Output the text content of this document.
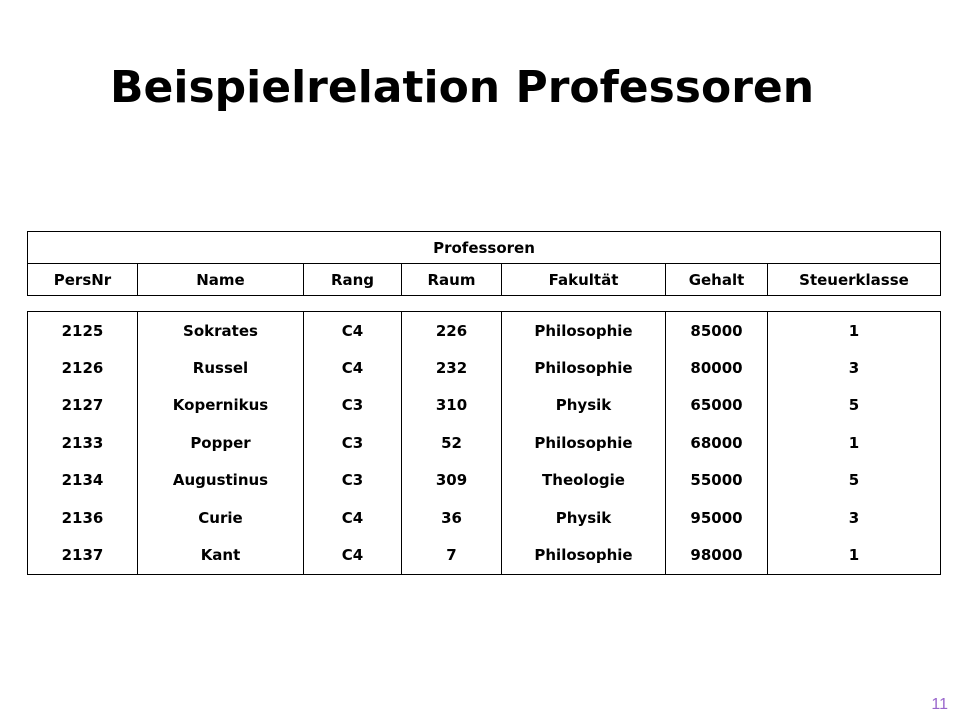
Beispielrelation Professoren
Professoren
PersNr	Name	Rang	Raum	Fakultät	Gehalt	Steuerklasse
2125	Sokrates	C4	226	Philosophie	85000	1
2126	Russel	C4	232	Philosophie	80000	3
2127	Kopernikus	C3	310	Physik	65000	5
2133	Popper	C3	52	Philosophie	68000	1
2134	Augustinus	C3	309	Theologie	55000	5
2136	Curie	C4	36	Physik	95000	3
2137	Kant	C4	7	Philosophie	98000	1
11
